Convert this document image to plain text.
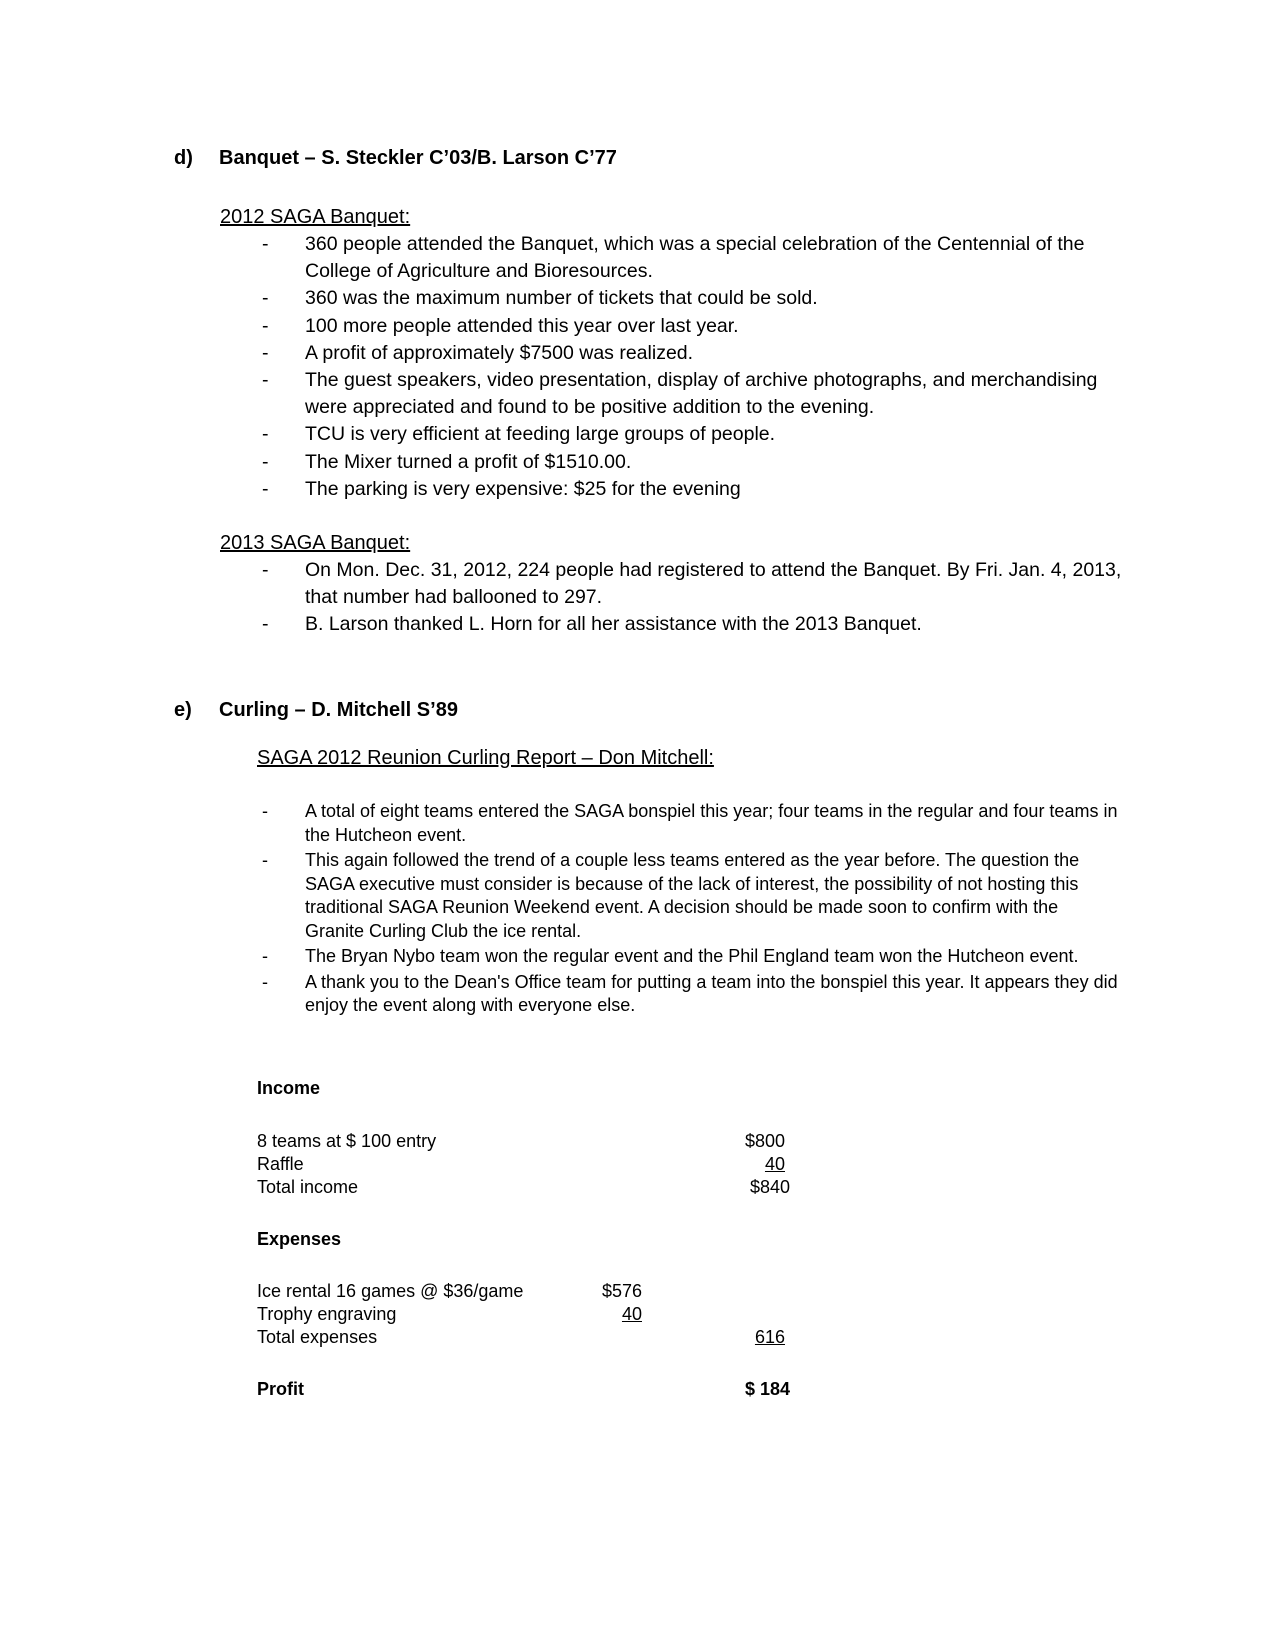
d) Banquet – S. Steckler C’03/B. Larson C’77
2012 SAGA Banquet:
- 360 people attended the Banquet, which was a special celebration of the Centennial of the College of Agriculture and Bioresources.
- 360 was the maximum number of tickets that could be sold.
- 100 more people attended this year over last year.
- A profit of approximately $7500 was realized.
- The guest speakers, video presentation, display of archive photographs, and merchandising were appreciated and found to be positive addition to the evening.
- TCU is very efficient at feeding large groups of people.
- The Mixer turned a profit of $1510.00.
- The parking is very expensive: $25 for the evening
2013 SAGA Banquet:
- On Mon. Dec. 31, 2012, 224 people had registered to attend the Banquet. By Fri. Jan. 4, 2013, that number had ballooned to 297.
- B. Larson thanked L. Horn for all her assistance with the 2013 Banquet.
e) Curling – D. Mitchell S’89
SAGA 2012 Reunion Curling Report – Don Mitchell:
- A total of eight teams entered the SAGA bonspiel this year; four teams in the regular and four teams in the Hutcheon event.
- This again followed the trend of a couple less teams entered as the year before. The question the SAGA executive must consider is because of the lack of interest, the possibility of not hosting this traditional SAGA Reunion Weekend event. A decision should be made soon to confirm with the Granite Curling Club the ice rental.
- The Bryan Nybo team won the regular event and the Phil England team won the Hutcheon event.
- A thank you to the Dean's Office team for putting a team into the bonspiel this year. It appears they did enjoy the event along with everyone else.
Income
8 teams at $ 100 entry	$800
Raffle	40
Total income	$840
Expenses
Ice rental 16 games @ $36/game	$576
Trophy engraving	40
Total expenses	616
Profit	$ 184
